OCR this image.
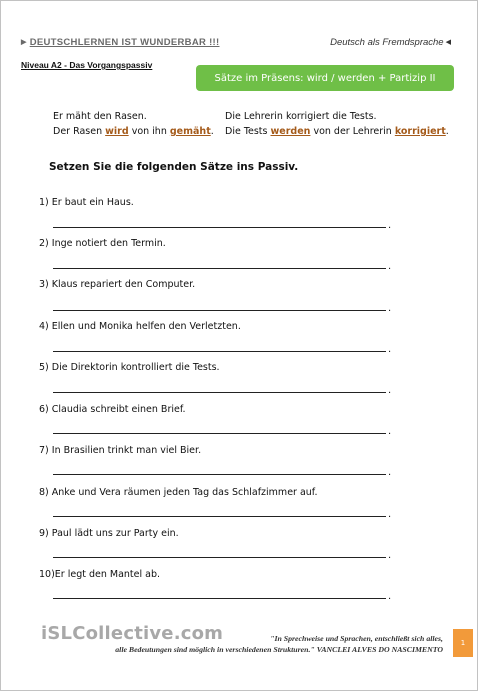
▶ DEUTSCHLERNEN IST WUNDERBAR !!!	Deutsch als Fremdsprache ◀
Niveau A2 - Das Vorgangspassiv
Sätze im Präsens: wird / werden + Partizip II
Er mäht den Rasen.
Der Rasen wird von ihn gemäht.
Die Lehrerin korrigiert die Tests.
Die Tests werden von der Lehrerin korrigiert.
Setzen Sie die folgenden Sätze ins Passiv.
1) Er baut ein Haus.
.
2) Inge notiert den Termin.
.
3) Klaus repariert den Computer.
.
4) Ellen und Monika helfen den Verletzten.
.
5) Die Direktorin kontrolliert die Tests.
.
6) Claudia schreibt einen Brief.
.
7) In Brasilien trinkt man viel Bier.
.
8) Anke und Vera räumen jeden Tag das Schlafzimmer auf.
.
9) Paul lädt uns zur Party ein.
.
10)Er legt den Mantel ab.
.
iSLCollective.com	"In Sprechweise und Sprachen, entschließt sich alles,
alle Bedeutungen sind möglich in verschiedenen Strukturen." VANCLEI ALVES DO NASCIMENTO
1
